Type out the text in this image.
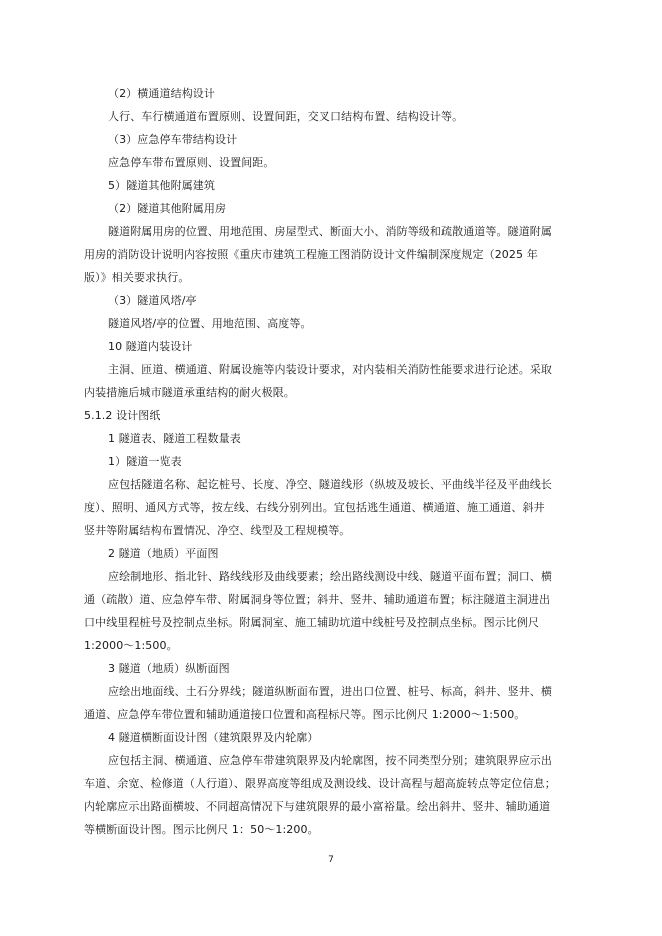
（2）横通道结构设计
人行、车行横通道布置原则、设置间距，交叉口结构布置、结构设计等。
（3）应急停车带结构设计
应急停车带布置原则、设置间距。
5）隧道其他附属建筑
（2）隧道其他附属用房
隧道附属用房的位置、用地范围、房屋型式、断面大小、消防等级和疏散通道等。隧道附属
用房的消防设计说明内容按照《重庆市建筑工程施工图消防设计文件编制深度规定（2025 年
版）》相关要求执行。
（3）隧道风塔/亭
隧道风塔/亭的位置、用地范围、高度等。
10 隧道内装设计
主洞、匝道、横通道、附属设施等内装设计要求，对内装相关消防性能要求进行论述。采取
内装措施后城市隧道承重结构的耐火极限。
5.1.2 设计图纸
1 隧道表、隧道工程数量表
1）隧道一览表
应包括隧道名称、起讫桩号、长度、净空、隧道线形（纵坡及坡长、平曲线半径及平曲线长
度）、照明、通风方式等，按左线、右线分别列出。宜包括逃生通道、横通道、施工通道、斜井
竖井等附属结构布置情况、净空、线型及工程规模等。
2 隧道（地质）平面图
应绘制地形、指北针、路线线形及曲线要素；绘出路线测设中线、隧道平面布置；洞口、横
通（疏散）道、应急停车带、附属洞身等位置；斜井、竖井、辅助通道布置；标注隧道主洞进出
口中线里程桩号及控制点坐标。附属洞室、施工辅助坑道中线桩号及控制点坐标。图示比例尺
1:2000～1:500。
3 隧道（地质）纵断面图
应绘出地面线、土石分界线；隧道纵断面布置，进出口位置、桩号、标高，斜井、竖井、横
通道、应急停车带位置和辅助通道接口位置和高程标尺等。图示比例尺 1:2000～1:500。
4 隧道横断面设计图（建筑限界及内轮廓）
应包括主洞、横通道、应急停车带建筑限界及内轮廓图，按不同类型分别；建筑限界应示出
车道、余宽、检修道（人行道）、限界高度等组成及测设线、设计高程与超高旋转点等定位信息；
内轮廓应示出路面横坡、不同超高情况下与建筑限界的最小富裕量。绘出斜井、竖井、辅助通道
等横断面设计图。图示比例尺 1：50～1:200。
7
